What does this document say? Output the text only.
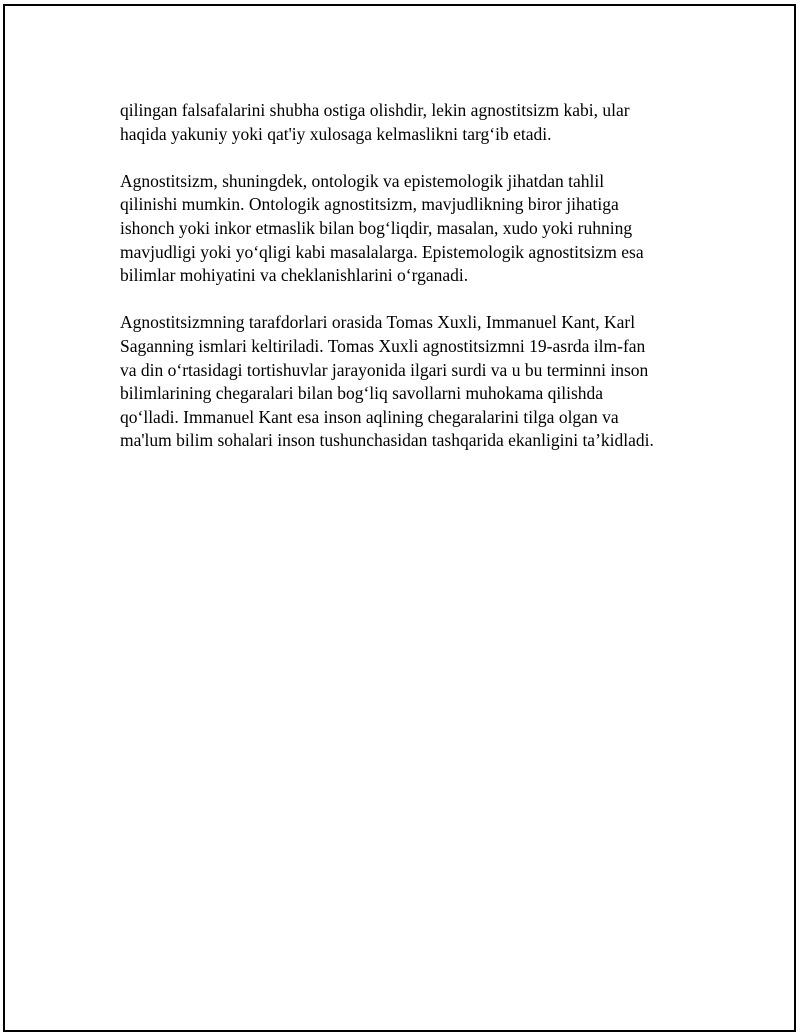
qilingan falsafalarini shubha ostiga olishdir, lekin agnostitsizm kabi, ular
haqida yakuniy yoki qat'iy xulosaga kelmaslikni targ‘ib etadi.

Agnostitsizm, shuningdek, ontologik va epistemologik jihatdan tahlil
qilinishi mumkin. Ontologik agnostitsizm, mavjudlikning biror jihatiga
ishonch yoki inkor etmaslik bilan bog‘liqdir, masalan, xudo yoki ruhning
mavjudligi yoki yo‘qligi kabi masalalarga. Epistemologik agnostitsizm esa
bilimlar mohiyatini va cheklanishlarini o‘rganadi.

Agnostitsizmning tarafdorlari orasida Tomas Xuxli, Immanuel Kant, Karl
Saganning ismlari keltiriladi. Tomas Xuxli agnostitsizmni 19-asrda ilm-fan
va din o‘rtasidagi tortishuvlar jarayonida ilgari surdi va u bu terminni inson
bilimlarining chegaralari bilan bog‘liq savollarni muhokama qilishda
qo‘lladi. Immanuel Kant esa inson aqlining chegaralarini tilga olgan va
ma'lum bilim sohalari inson tushunchasidan tashqarida ekanligini ta’kidladi.
